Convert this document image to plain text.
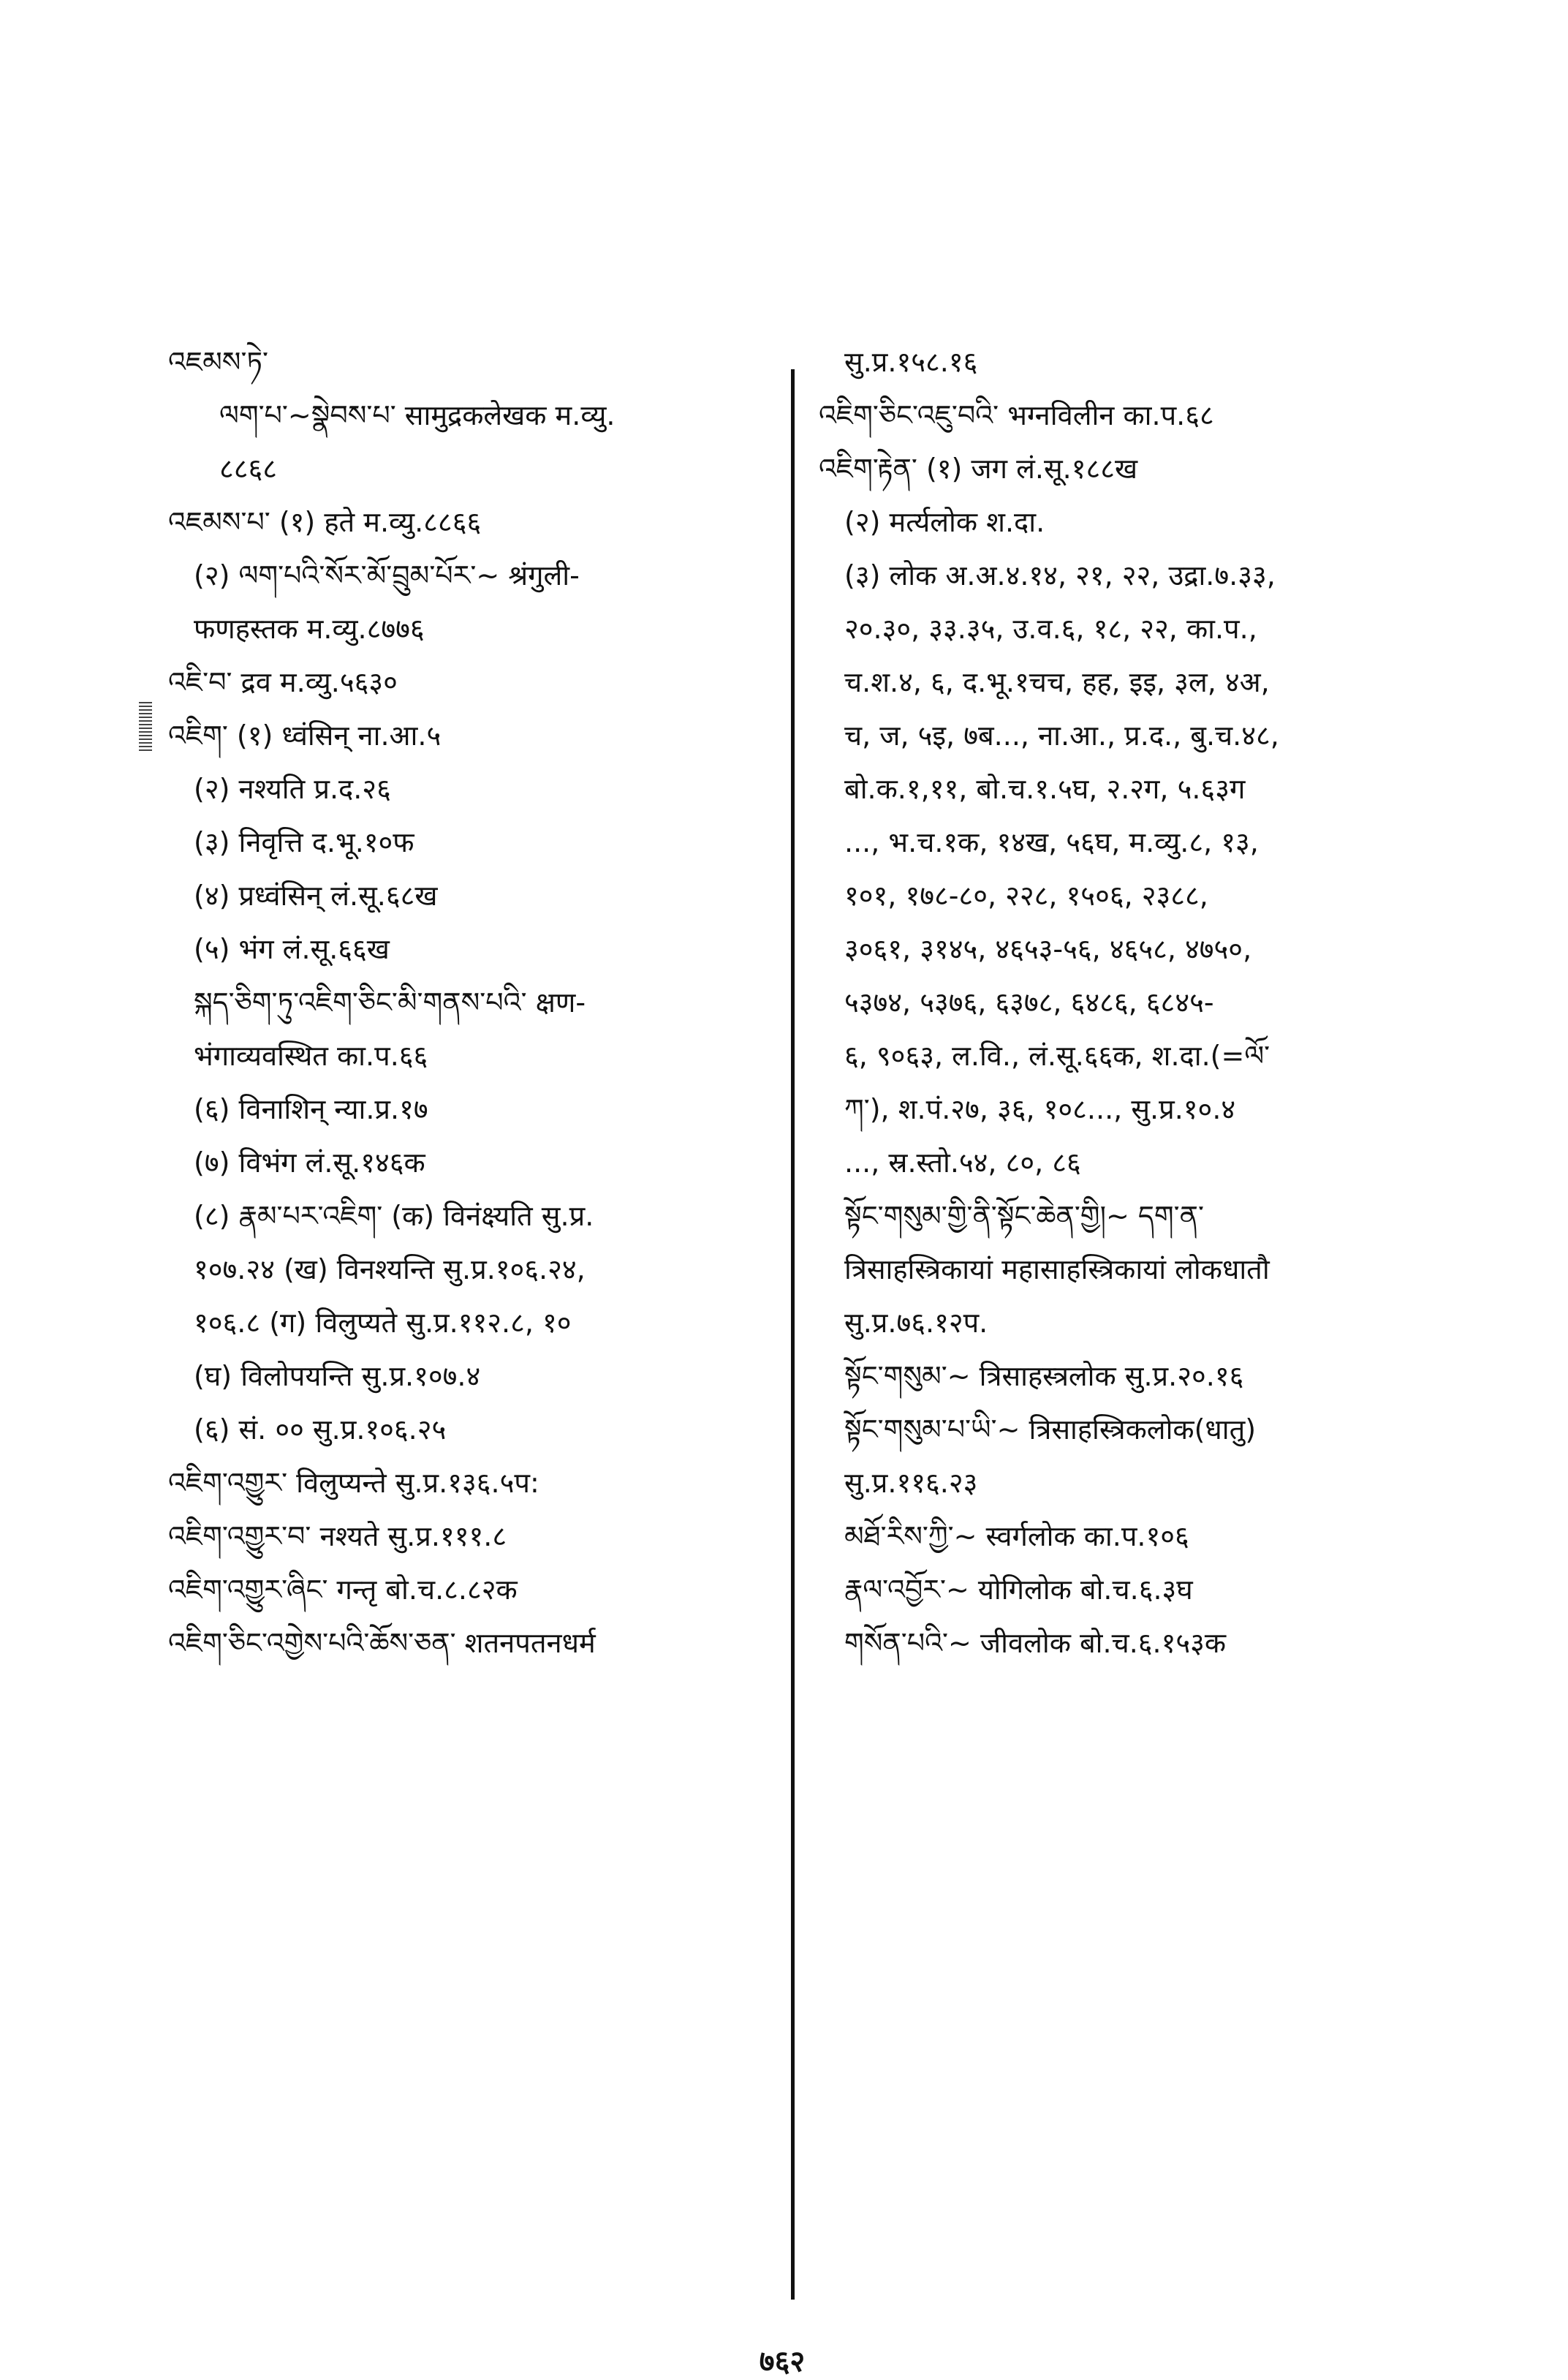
འཇམས་ཏེ་
ལག་པ་~སྣེབས་པ་ सामुद्रकलेखक म.व्यु.
८८६८
འཇམས་པ་ (१) हते म.व्यु.८८६६
(२) ལག་པའི་སོར་མོ་བྲུམ་པོར་~ श्रंगुली-
फणहस्तक म.व्यु.८७७६
འཇི་བ་ द्रव म.व्यु.५६३०
འཇིག་ (१) ध्वंसिन् ना.आ.५
(२) नश्यति प्र.द.२६
(३) निवृत्ति द.भू.१०फ
(४) प्रध्वंसिन् लं.सू.६८ख
(५) भंग लं.सू.६६ख
སྐད་ཅིག་ཏུ་འཇིག་ཅིང་མི་གནས་པའི་ क्षण-
भंगाव्यवस्थित का.प.६६
(६) विनाशिन् न्या.प्र.१७
(७) विभंग लं.सू.१४६क
(८) རྣམ་པར་འཇིག་ (क) विनंक्ष्यति सु.प्र.
१०७.२४ (ख) विनश्यन्ति सु.प्र.१०६.२४,
१०६.८ (ग) विलुप्यते सु.प्र.११२.८, १०
(घ) विलोपयन्ति सु.प्र.१०७.४
(६) सं. ०० सु.प्र.१०६.२५
འཇིག་འགྱུར་ विलुप्यन्ते सु.प्र.१३६.५प:
འཇིག་འགྱུར་བ་ नश्यते सु.प्र.१११.८
འཇིག་འགྱུར་ཞིང་ गन्तृ बो.च.८.८२क
འཇིག་ཅིང་འགྱེས་པའི་ཆོས་ཅན་ शतनपतनधर्म
सु.प्र.१५८.१६
འཇིག་ཅིང་འཇུ་བའི་ भग्नविलीन का.प.६८
འཇིག་རྟེན་ (१) जग लं.सू.१८८ख
(२) मर्त्यलोक श.दा.
(३) लोक अ.अ.४.१४, २१, २२, उद्रा.७.३३,
२०.३०, ३३.३५, उ.व.६, १८, २२, का.प.,
च.श.४, ६, द.भू.१चच, हह, इइ, ३ल, ४अ,
च, ज, ५इ, ७ब..., ना.आ., प्र.द., बु.च.४८,
बो.क.१,११, बो.च.१.५घ, २.२ग, ५.६३ग
..., भ.च.१क, १४ख, ५६घ, म.व्यु.८, १३,
१०१, १७८-८०, २२८, १५०६, २३८८,
३०६१, ३१४५, ४६५३-५६, ४६५८, ४७५०,
५३७४, ५३७६, ६३७८, ६४८६, ६८४५-
६, ९०६३, ल.वि., लं.सू.६६क, श.दा.(=ལོ་
ཀ་), श.पं.२७, ३६, १०८..., सु.प्र.१०.४
..., स्र.स्तो.५४, ८०, ८६
སྟོང་གསུམ་གྱི་ནི་སྟོང་ཆེན་གྱི།~ དག་ན་
त्रिसाहस्त्रिकायां महासाहस्त्रिकायां लोकधातौ
सु.प्र.७६.१२प.
སྟོང་གསུམ་~ त्रिसाहस्त्रलोक सु.प्र.२०.१६
སྟོང་གསུམ་པ་ཡི་~ त्रिसाहस्त्रिकलोक(धातु)
सु.प्र.११६.२३
མཐོ་རིས་ཀྱི་~ स्वर्गलोक का.प.१०६
རྣལ་འབྱོར་~ योगिलोक बो.च.६.३घ
གསོན་པའི་~ जीवलोक बो.च.६.१५३क
७६२
